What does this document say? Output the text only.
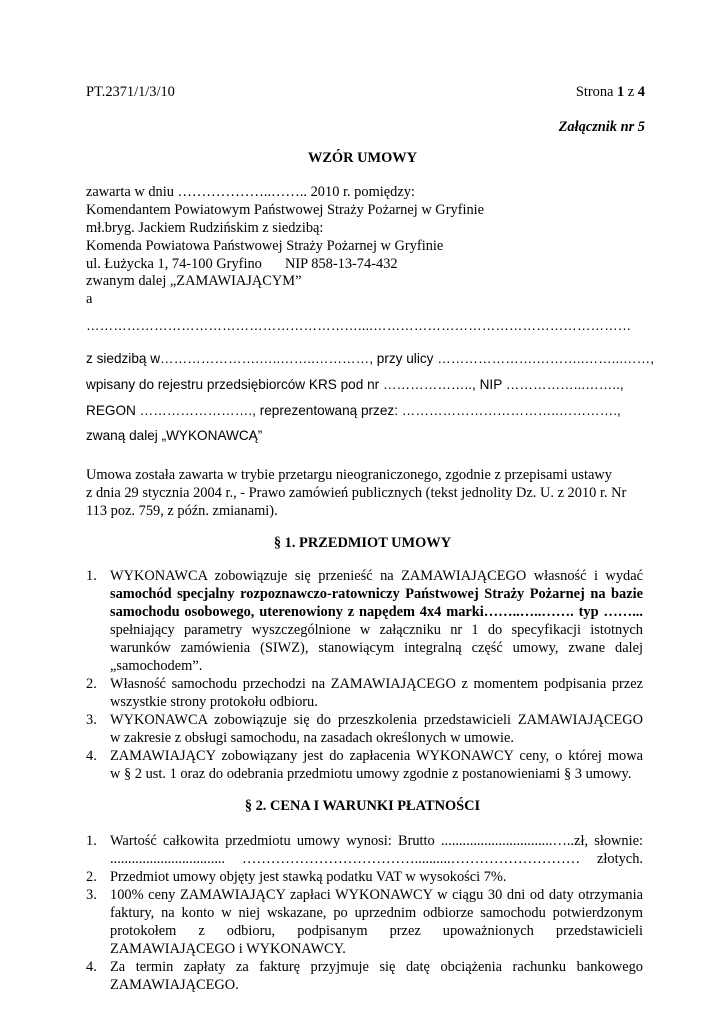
PT.2371/1/3/10	Strona 1 z 4
Załącznik nr 5
WZÓR UMOWY
zawarta w dniu ………………..…….. 2010 r. pomiędzy:
Komendantem Powiatowym Państwowej Straży Pożarnej w Gryfinie
mł.bryg. Jackiem Rudzińskim z siedzibą:
Komenda Powiatowa Państwowej Straży Pożarnej w Gryfinie
ul. Łużycka 1, 74-100 Gryfino NIP 858-13-74-432
zwanym dalej „ZAMAWIAJĄCYM”
a
……………………………………………………....…………………………………………………
z siedzibą w………………….…..……..…………, przy ulicy ………………….………..……...……,
wpisany do rejestru przedsiębiorców KRS pod nr ……………….., NIP ……………...……..,
REGON ……………………., reprezentowaną przez: ……………………………..………….,
zwaną dalej „WYKONAWCĄ”
Umowa została zawarta w trybie przetargu nieograniczonego, zgodnie z przepisami ustawy
z dnia 29 stycznia 2004 r., - Prawo zamówień publicznych (tekst jednolity Dz. U. z 2010 r. Nr
113 poz. 759, z późn. zmianami).
§ 1. PRZEDMIOT UMOWY
1. WYKONAWCA zobowiązuje się przenieść na ZAMAWIAJĄCEGO własność i wydać
samochód specjalny rozpoznawczo-ratowniczy Państwowej Straży Pożarnej na bazie
samochodu osobowego, uterenowiony z napędem 4x4 marki……..…..……. typ ……...
spełniający parametry wyszczególnione w załączniku nr 1 do specyfikacji istotnych
warunków zamówienia (SIWZ), stanowiącym integralną część umowy, zwane dalej
„samochodem”.
2. Własność samochodu przechodzi na ZAMAWIAJĄCEGO z momentem podpisania przez
wszystkie strony protokołu odbioru.
3. WYKONAWCA zobowiązuje się do przeszkolenia przedstawicieli ZAMAWIAJĄCEGO
w zakresie z obsługi samochodu, na zasadach określonych w umowie.
4. ZAMAWIAJĄCY zobowiązany jest do zapłacenia WYKONAWCY ceny, o której mowa
w § 2 ust. 1 oraz do odebrania przedmiotu umowy zgodnie z postanowieniami § 3 umowy.
§ 2. CENA I WARUNKI PŁATNOŚCI
1. Wartość całkowita przedmiotu umowy wynosi: Brutto ...............................…..zł, słownie:
................................ ………………………………..........……………………… złotych.
2. Przedmiot umowy objęty jest stawką podatku VAT w wysokości 7%.
3. 100% ceny ZAMAWIAJĄCY zapłaci WYKONAWCY w ciągu 30 dni od daty otrzymania
faktury, na konto w niej wskazane, po uprzednim odbiorze samochodu potwierdzonym
protokołem z odbioru, podpisanym przez upoważnionych przedstawicieli
ZAMAWIAJĄCEGO i WYKONAWCY.
4. Za termin zapłaty za fakturę przyjmuje się datę obciążenia rachunku bankowego
ZAMAWIAJĄCEGO.
